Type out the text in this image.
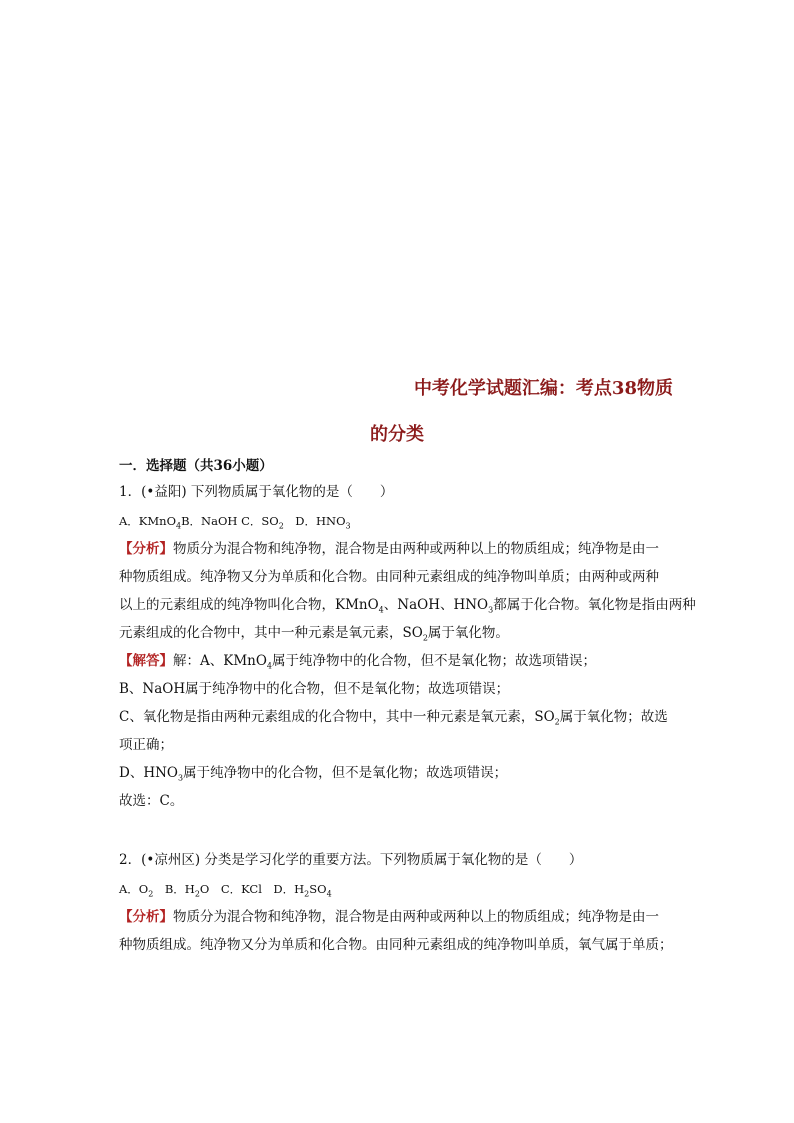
中考化学试题汇编：考点38物质
的分类
一．选择题（共36小题）
1．(•益阳) 下列物质属于氧化物的是（　　）
A．KMnO$_4$B．NaOH C．$SO_2$　D．$HNO_3$
【分析】物质分为混合物和纯净物，混合物是由两种或两种以上的物质组成；纯净物是由一
种物质组成。纯净物又分为单质和化合物。由同种元素组成的纯净物叫单质；由两种或两种
以上的元素组成的纯净物叫化合物，KMnO$_4$、NaOH、$HNO_3$都属于化合物。氧化物是指由两种
元素组成的化合物中，其中一种元素是氧元素，$SO_2$属于氧化物。
【解答】解：A、KMnO$_4$属于纯净物中的化合物，但不是氧化物；故选项错误；
B、NaOH属于纯净物中的化合物，但不是氧化物；故选项错误；
C、氧化物是指由两种元素组成的化合物中，其中一种元素是氧元素，$SO_2$属于氧化物；故选
项正确；
D、$HNO_3$属于纯净物中的化合物，但不是氧化物；故选项错误；
故选：C。
2．(•凉州区) 分类是学习化学的重要方法。下列物质属于氧化物的是（　　）
A．$O_2$　B．$H_2O$　C．KCl　D．$H_2SO_4$
【分析】物质分为混合物和纯净物，混合物是由两种或两种以上的物质组成；纯净物是由一
种物质组成。纯净物又分为单质和化合物。由同种元素组成的纯净物叫单质，氧气属于单质；
